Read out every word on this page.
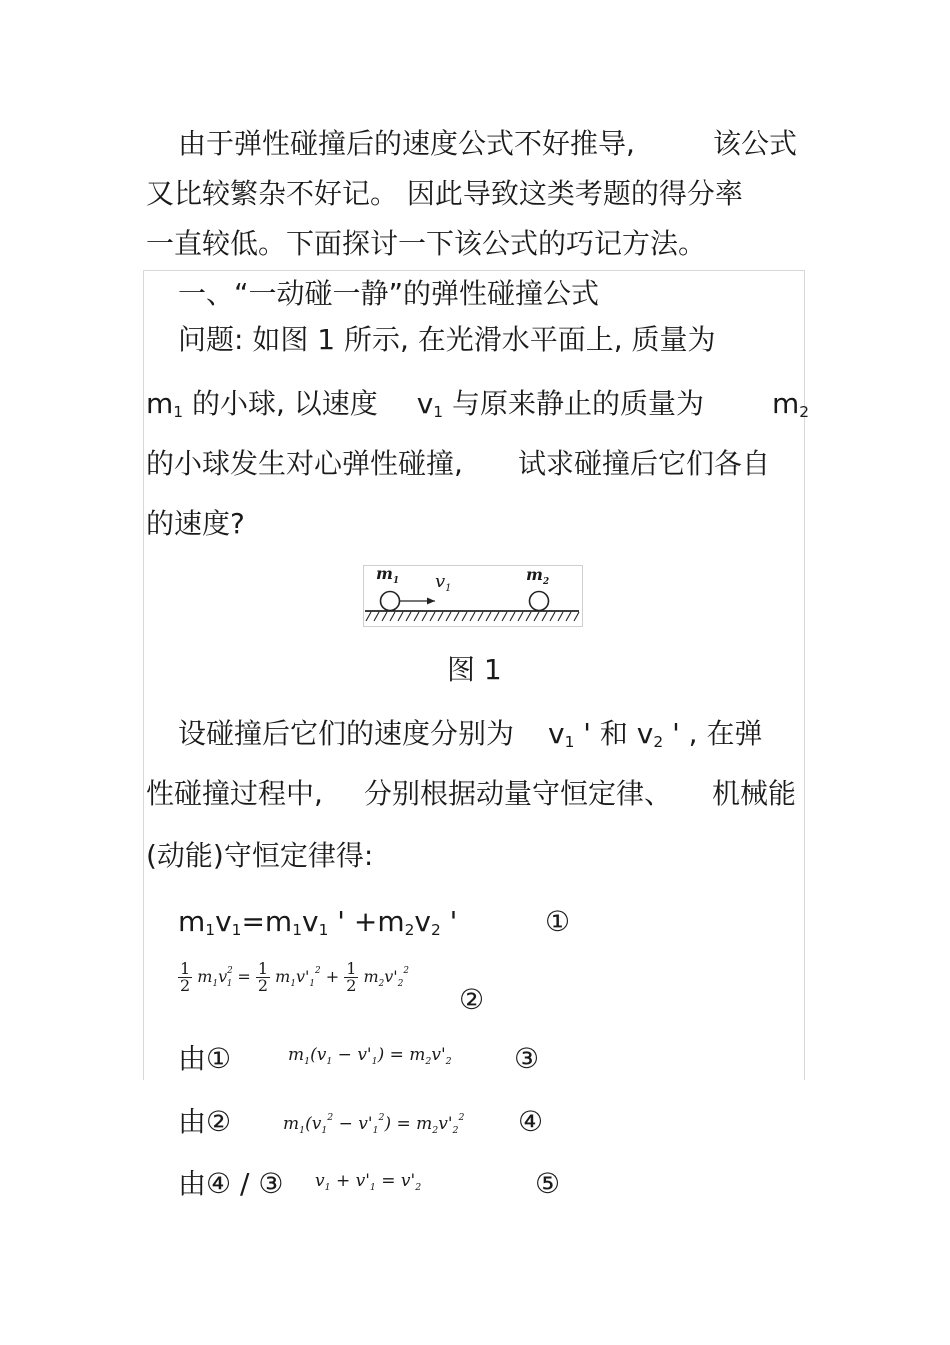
由于弹性碰撞后的速度公式不好推导,	该公式
又比较繁杂不好记。 因此导致这类考题的得分率
一直较低。下面探讨一下该公式的巧记方法。
一、“一动碰一静”的弹性碰撞公式
问题: 如图 1 所示, 在光滑水平面上, 质量为
$m_1$ 的小球, 以速度 $v_1$ 与原来静止的质量为	$m_2$
的小球发生对心弹性碰撞, 试求碰撞后它们各自
的速度?
$m_1$ $v_1$
$m_2$
图 1
设碰撞后它们的速度分别为 $v_1$ ' 和 $v_2$ ' , 在弹
性碰撞过程中, 分别根据动量守恒定律、 机械能
(动能)守恒定律得:
$m_1v_1=m_1v_1$ ' $+m_2v_2$ '	①
$\frac{1}{2} m_1v^2_1 = \frac{1}{2} m_1v'_1^2 + \frac{1}{2} m_2v'_2^2$
②
由①	$m_1(v_1 - v'_1) = m_2v'_2$ ③
由②	$m_1(v_1^2 - v'_1^2) = m_2v'_2^2$ ④
由④ / ③ $v_1 + v'_1 = v'_2$	⑤
